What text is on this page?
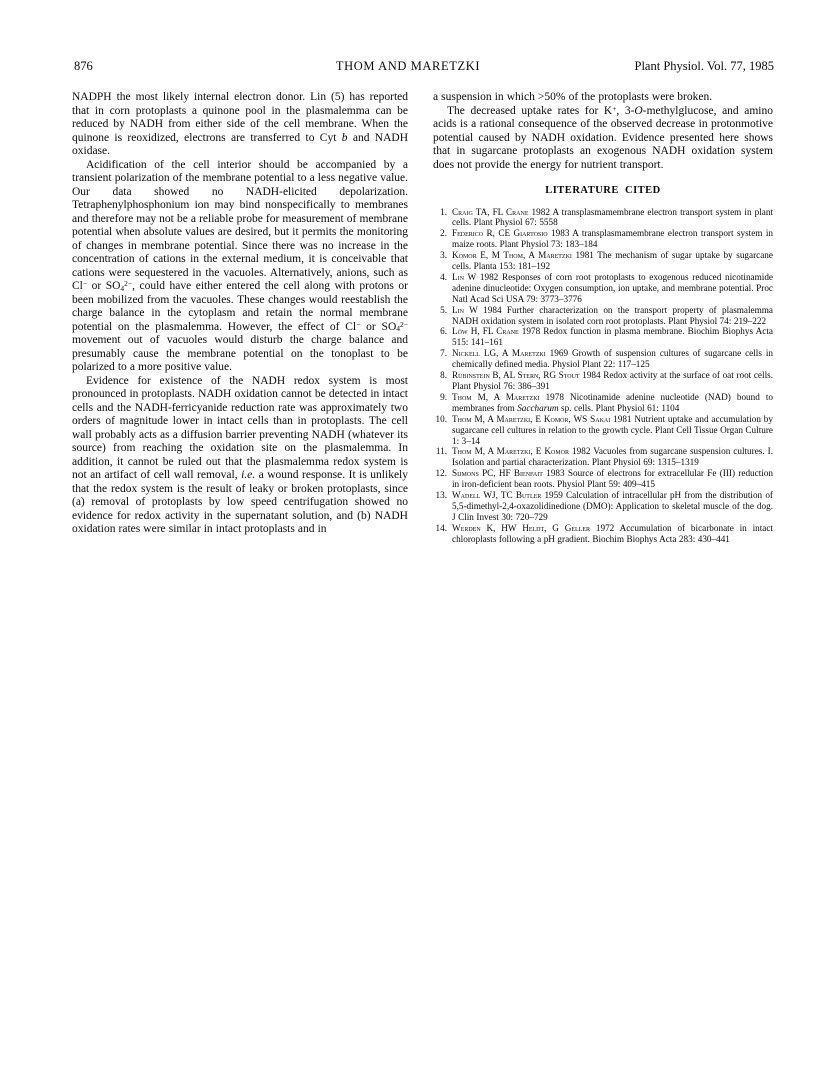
876	THOM AND MARETZKI	Plant Physiol. Vol. 77, 1985

NADPH the most likely internal electron donor. Lin (5) has reported that in corn protoplasts a quinone pool in the plasmalemma can be reduced by NADH from either side of the cell membrane. When the quinone is reoxidized, electrons are transferred to Cyt b and NADH oxidase.

Acidification of the cell interior should be accompanied by a transient polarization of the membrane potential to a less negative value. Our data showed no NADH-elicited depolarization. Tetraphenylphosphonium ion may bind nonspecifically to membranes and therefore may not be a reliable probe for measurement of membrane potential when absolute values are desired, but it permits the monitoring of changes in membrane potential. Since there was no increase in the concentration of cations in the external medium, it is conceivable that cations were sequestered in the vacuoles. Alternatively, anions, such as Cl− or $SO_4^{2-}$, could have either entered the cell along with protons or been mobilized from the vacuoles. These changes would reestablish the charge balance in the cytoplasm and retain the normal membrane potential on the plasmalemma. However, the effect of Cl− or $SO_4^{2-}$ movement out of vacuoles would disturb the charge balance and presumably cause the membrane potential on the tonoplast to be polarized to a more positive value.

Evidence for existence of the NADH redox system is most pronounced in protoplasts. NADH oxidation cannot be detected in intact cells and the NADH-ferricyanide reduction rate was approximately two orders of magnitude lower in intact cells than in protoplasts. The cell wall probably acts as a diffusion barrier preventing NADH (whatever its source) from reaching the oxidation site on the plasmalemma. In addition, it cannot be ruled out that the plasmalemma redox system is not an artifact of cell wall removal, i.e. a wound response. It is unlikely that the redox system is the result of leaky or broken protoplasts, since (a) removal of protoplasts by low speed centrifugation showed no evidence for redox activity in the supernatant solution, and (b) NADH oxidation rates were similar in intact protoplasts and in

a suspension in which >50% of the protoplasts were broken.

The decreased uptake rates for K+, 3-O-methylglucose, and amino acids is a rational consequence of the observed decrease in protonmotive potential caused by NADH oxidation. Evidence presented here shows that in sugarcane protoplasts an exogenous NADH oxidation system does not provide the energy for nutrient transport.

LITERATURE CITED
1. Craig TA, FL Crane 1982 A transplasmamembrane electron transport system in plant cells. Plant Physiol 67: 5558
2. Federico R, CE Giartosio 1983 A transplasmamembrane electron transport system in maize roots. Plant Physiol 73: 183–184
3. Komor E, M Thom, A Maretzki 1981 The mechanism of sugar uptake by sugarcane cells. Planta 153: 181–192
4. Lin W 1982 Responses of corn root protoplasts to exogenous reduced nicotinamide adenine dinucleotide: Oxygen consumption, ion uptake, and membrane potential. Proc Natl Acad Sci USA 79: 3773–3776
5. Lin W 1984 Further characterization on the transport property of plasmalemma NADH oxidation system in isolated corn root protoplasts. Plant Physiol 74: 219–222
6. Löw H, FL Crane 1978 Redox function in plasma membrane. Biochim Biophys Acta 515: 141–161
7. Nickell LG, A Maretzki 1969 Growth of suspension cultures of sugarcane cells in chemically defined media. Physiol Plant 22: 117–125
8. Rubinstein B, AL Stern, RG Stout 1984 Redox activity at the surface of oat root cells. Plant Physiol 76: 386–391
9. Thom M, A Maretzki 1978 Nicotinamide adenine nucleotide (NAD) bound to membranes from Saccharum sp. cells. Plant Physiol 61: 1104
10. Thom M, A Maretzki, E Komor, WS Sakai 1981 Nutrient uptake and accumulation by sugarcane cell cultures in relation to the growth cycle. Plant Cell Tissue Organ Culture 1: 3–14
11. Thom M, A Maretzki, E Komor 1982 Vacuoles from sugarcane suspension cultures. I. Isolation and partial characterization. Plant Physiol 69: 1315–1319
12. Sijmons PC, HF Bienfait 1983 Source of electrons for extracellular Fe (III) reduction in iron-deficient bean roots. Physiol Plant 59: 409–415
13. Wadell WJ, TC Butler 1959 Calculation of intracellular pH from the distribution of 5,5-dimethyl-2,4-oxazolidinedione (DMO): Application to skeletal muscle of the dog. J Clin Invest 30: 720–729
14. Werden K, HW Heldt, G Geller 1972 Accumulation of bicarbonate in intact chloroplasts following a pH gradient. Biochim Biophys Acta 283: 430–441
